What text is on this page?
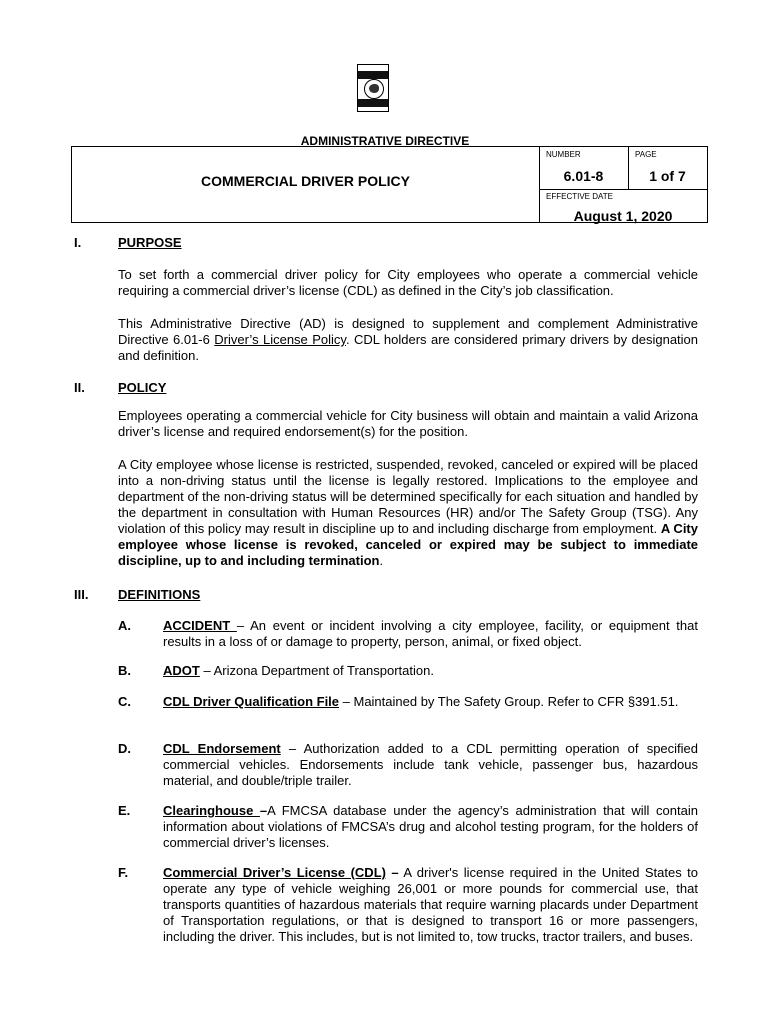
ADMINISTRATIVE DIRECTIVE
COMMERCIAL DRIVER POLICY
NUMBER	PAGE
6.01-8	1 of 7
EFFECTIVE DATE
August 1, 2020
I.	PURPOSE
To set forth a commercial driver policy for City employees who operate a commercial vehicle requiring a commercial driver’s license (CDL) as defined in the City’s job classification.
This Administrative Directive (AD) is designed to supplement and complement Administrative Directive 6.01-6 Driver’s License Policy. CDL holders are considered primary drivers by designation and definition.
II.	POLICY
Employees operating a commercial vehicle for City business will obtain and maintain a valid Arizona driver’s license and required endorsement(s) for the position.
A City employee whose license is restricted, suspended, revoked, canceled or expired will be placed into a non-driving status until the license is legally restored. Implications to the employee and department of the non-driving status will be determined specifically for each situation and handled by the department in consultation with Human Resources (HR) and/or The Safety Group (TSG). Any violation of this policy may result in discipline up to and including discharge from employment. A City employee whose license is revoked, canceled or expired may be subject to immediate discipline, up to and including termination.
III. DEFINITIONS
A. ACCIDENT – An event or incident involving a city employee, facility, or equipment that results in a loss of or damage to property, person, animal, or fixed object.
B. ADOT – Arizona Department of Transportation.
C. CDL Driver Qualification File – Maintained by The Safety Group. Refer to CFR §391.51.
D. CDL Endorsement – Authorization added to a CDL permitting operation of specified commercial vehicles. Endorsements include tank vehicle, passenger bus, hazardous material, and double/triple trailer.
E.	Clearinghouse –A FMCSA database under the agency’s administration that will contain information about violations of FMCSA’s drug and alcohol testing program, for the holders of commercial driver’s licenses.
F.	Commercial Driver’s License (CDL) – A driver's license required in the United States to operate any type of vehicle weighing 26,001 or more pounds for commercial use, that transports quantities of hazardous materials that require warning placards under Department of Transportation regulations, or that is designed to transport 16 or more passengers, including the driver. This includes, but is not limited to, tow trucks, tractor trailers, and buses.
